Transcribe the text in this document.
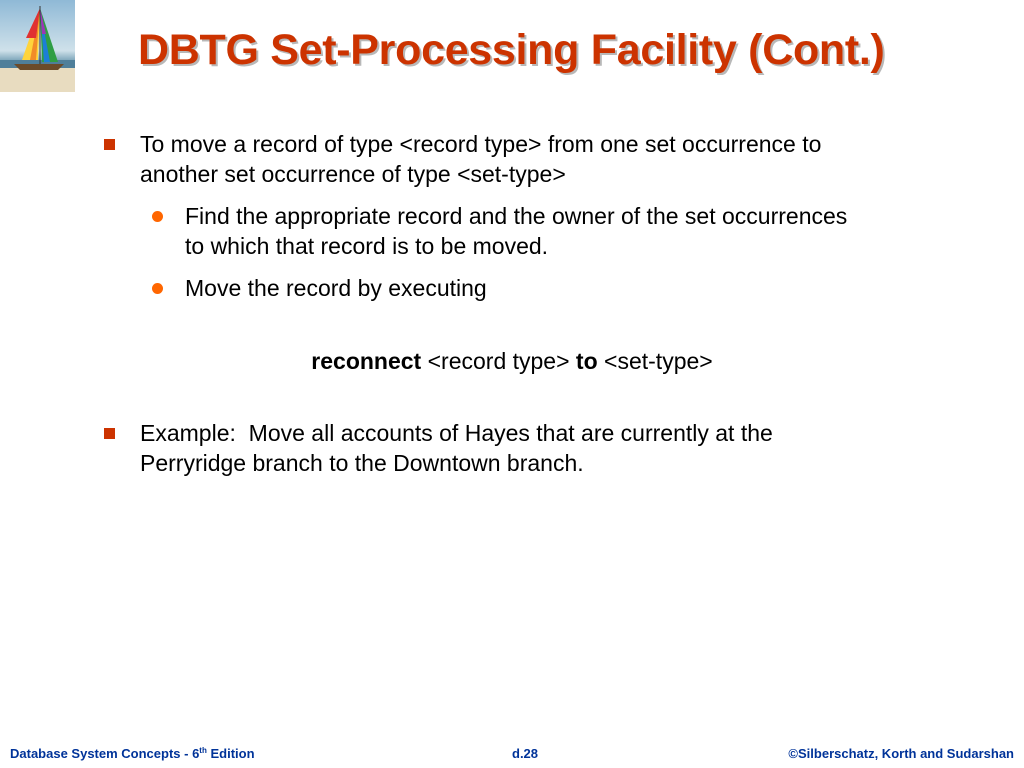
DBTG Set-Processing Facility (Cont.)
To move a record of type <record type> from one set occurrence to
another set occurrence of type <set-type>
Find the appropriate record and the owner of the set occurrences
to which that record is to be moved.
Move the record by executing
reconnect <record type> to <set-type>
Example:  Move all accounts of Hayes that are currently at the
Perryridge branch to the Downtown branch.
Database System Concepts - 6th Edition	d.28	©Silberschatz, Korth and Sudarshan
